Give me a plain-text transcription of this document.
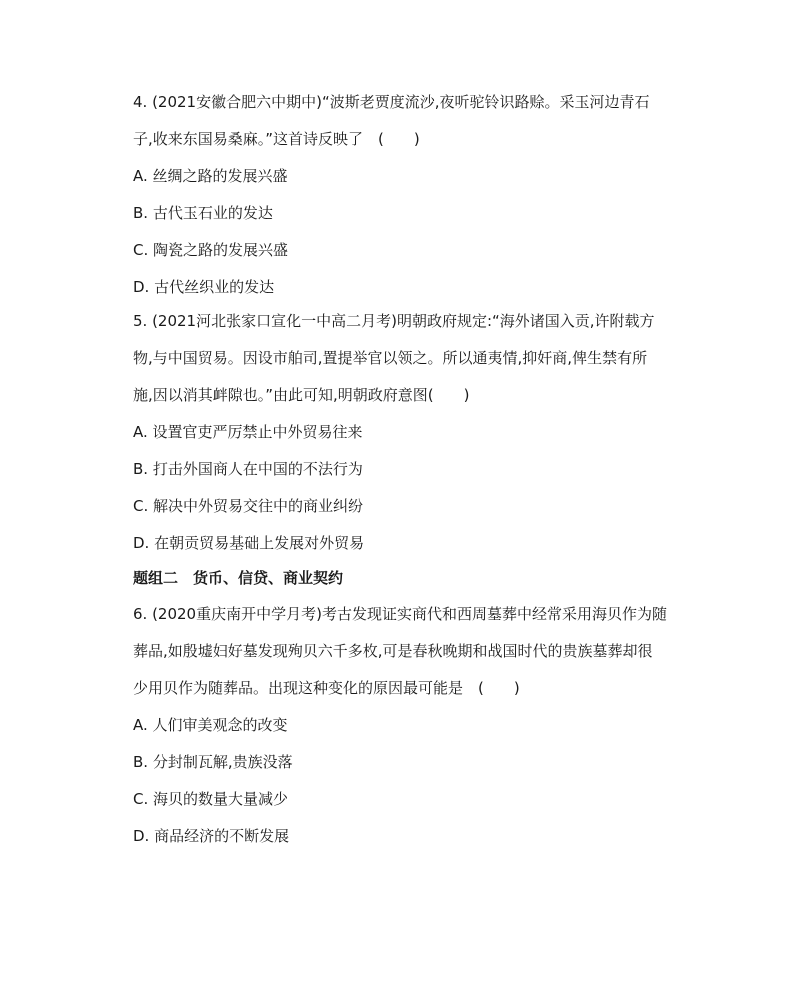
4. (2021安徽合肥六中期中)“波斯老贾度流沙,夜听驼铃识路赊。采玉河边青石
子,收来东国易桑麻。”这首诗反映了　(　　)
A. 丝绸之路的发展兴盛
B. 古代玉石业的发达
C. 陶瓷之路的发展兴盛
D. 古代丝织业的发达
5. (2021河北张家口宣化一中高二月考)明朝政府规定:“海外诸国入贡,许附载方
物,与中国贸易。因设市舶司,置提举官以领之。所以通夷情,抑奸商,俾生禁有所
施,因以消其衅隙也。”由此可知,明朝政府意图(　　)
A. 设置官吏严厉禁止中外贸易往来
B. 打击外国商人在中国的不法行为
C. 解决中外贸易交往中的商业纠纷
D. 在朝贡贸易基础上发展对外贸易
题组二　货币、信贷、商业契约
6. (2020重庆南开中学月考)考古发现证实商代和西周墓葬中经常采用海贝作为随
葬品,如殷墟妇好墓发现殉贝六千多枚,可是春秋晚期和战国时代的贵族墓葬却很
少用贝作为随葬品。出现这种变化的原因最可能是　(　　)
A. 人们审美观念的改变
B. 分封制瓦解,贵族没落
C. 海贝的数量大量减少
D. 商品经济的不断发展
